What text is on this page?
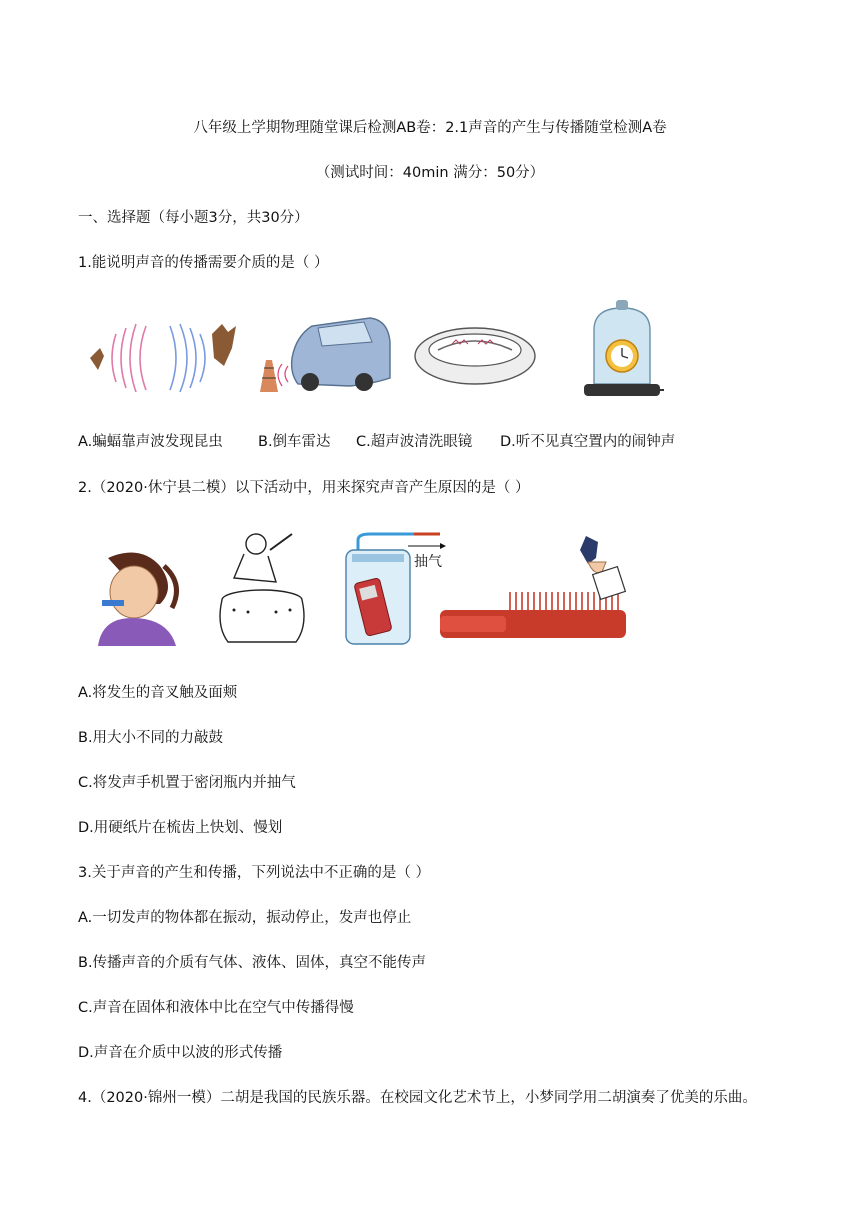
八年级上学期物理随堂课后检测AB卷：2.1声音的产生与传播随堂检测A卷
（测试时间：40min 满分：50分）
一、选择题（每小题3分，共30分）
1.能说明声音的传播需要介质的是（ ）
A.蝙蝠靠声波发现昆虫 B.倒车雷达 C.超声波清洗眼镜 D.听不见真空置内的闹钟声
2.（2020·休宁县二模）以下活动中，用来探究声音产生原因的是（ ）
抽气
A.将发生的音叉触及面颊
B.用大小不同的力敲鼓
C.将发声手机置于密闭瓶内并抽气
D.用硬纸片在梳齿上快划、慢划
3.关于声音的产生和传播，下列说法中不正确的是（ ）
A.一切发声的物体都在振动，振动停止，发声也停止
B.传播声音的介质有气体、液体、固体，真空不能传声
C.声音在固体和液体中比在空气中传播得慢
D.声音在介质中以波的形式传播
4.（2020·锦州一模）二胡是我国的民族乐器。在校园文化艺术节上，小梦同学用二胡演奏了优美的乐曲。
